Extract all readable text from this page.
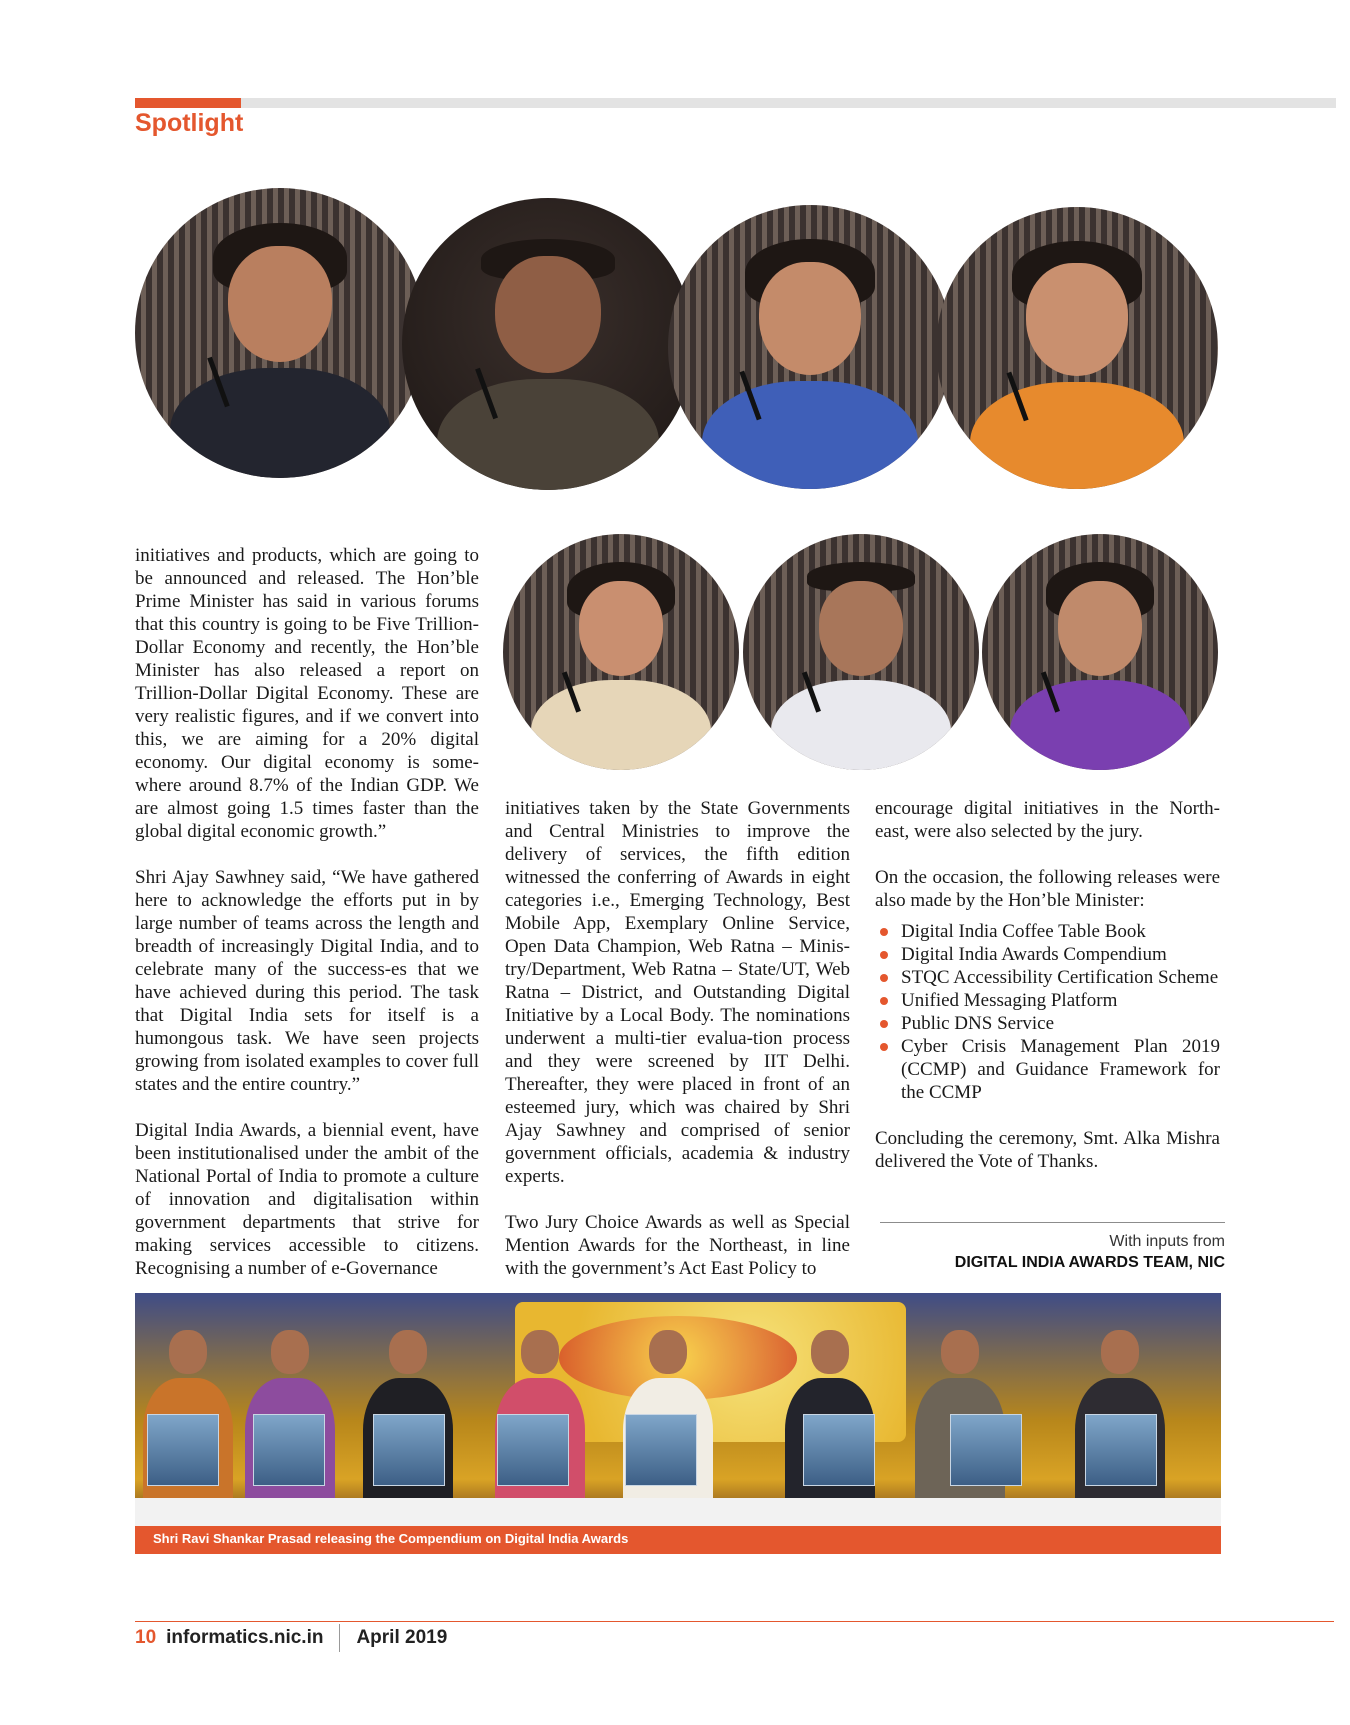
Spotlight

initiatives and products, which are going to be announced and released. The Hon’ble Prime Minister has said in various forums that this country is going to be Five Trillion-Dollar Economy and recently, the Hon’ble Minister has also released a report on Trillion-Dollar Digital Economy. These are very realistic figures, and if we convert into this, we are aiming for a 20% digital economy. Our digital economy is some-where around 8.7% of the Indian GDP. We are almost going 1.5 times faster than the global digital economic growth.”

Shri Ajay Sawhney said, “We have gathered here to acknowledge the efforts put in by large number of teams across the length and breadth of increasingly Digital India, and to celebrate many of the success-es that we have achieved during this period. The task that Digital India sets for itself is a humongous task. We have seen projects growing from isolated examples to cover full states and the entire country.”

Digital India Awards, a biennial event, have been institutionalised under the ambit of the National Portal of India to promote a culture of innovation and digitalisation within government departments that strive for making services accessible to citizens. Recognising a number of e-Governance

initiatives taken by the State Governments and Central Ministries to improve the delivery of services, the fifth edition witnessed the conferring of Awards in eight categories i.e., Emerging Technology, Best Mobile App, Exemplary Online Service, Open Data Champion, Web Ratna – Minis-try/Department, Web Ratna – State/UT, Web Ratna – District, and Outstanding Digital Initiative by a Local Body. The nominations underwent a multi-tier evalua-tion process and they were screened by IIT Delhi. Thereafter, they were placed in front of an esteemed jury, which was chaired by Shri Ajay Sawhney and comprised of senior government officials, academia & industry experts.

Two Jury Choice Awards as well as Special Mention Awards for the Northeast, in line with the government’s Act East Policy to

encourage digital initiatives in the North-east, were also selected by the jury.

On the occasion, the following releases were also made by the Hon’ble Minister:

Digital India Coffee Table Book
Digital India Awards Compendium
STQC Accessibility Certification Scheme
Unified Messaging Platform
Public DNS Service
Cyber Crisis Management Plan 2019 (CCMP) and Guidance Framework for the CCMP

Concluding the ceremony, Smt. Alka Mishra delivered the Vote of Thanks.

With inputs from
DIGITAL INDIA AWARDS TEAM, NIC
Shri Ravi Shankar Prasad releasing the Compendium on Digital India Awards
10 informatics.nic.in April 2019
